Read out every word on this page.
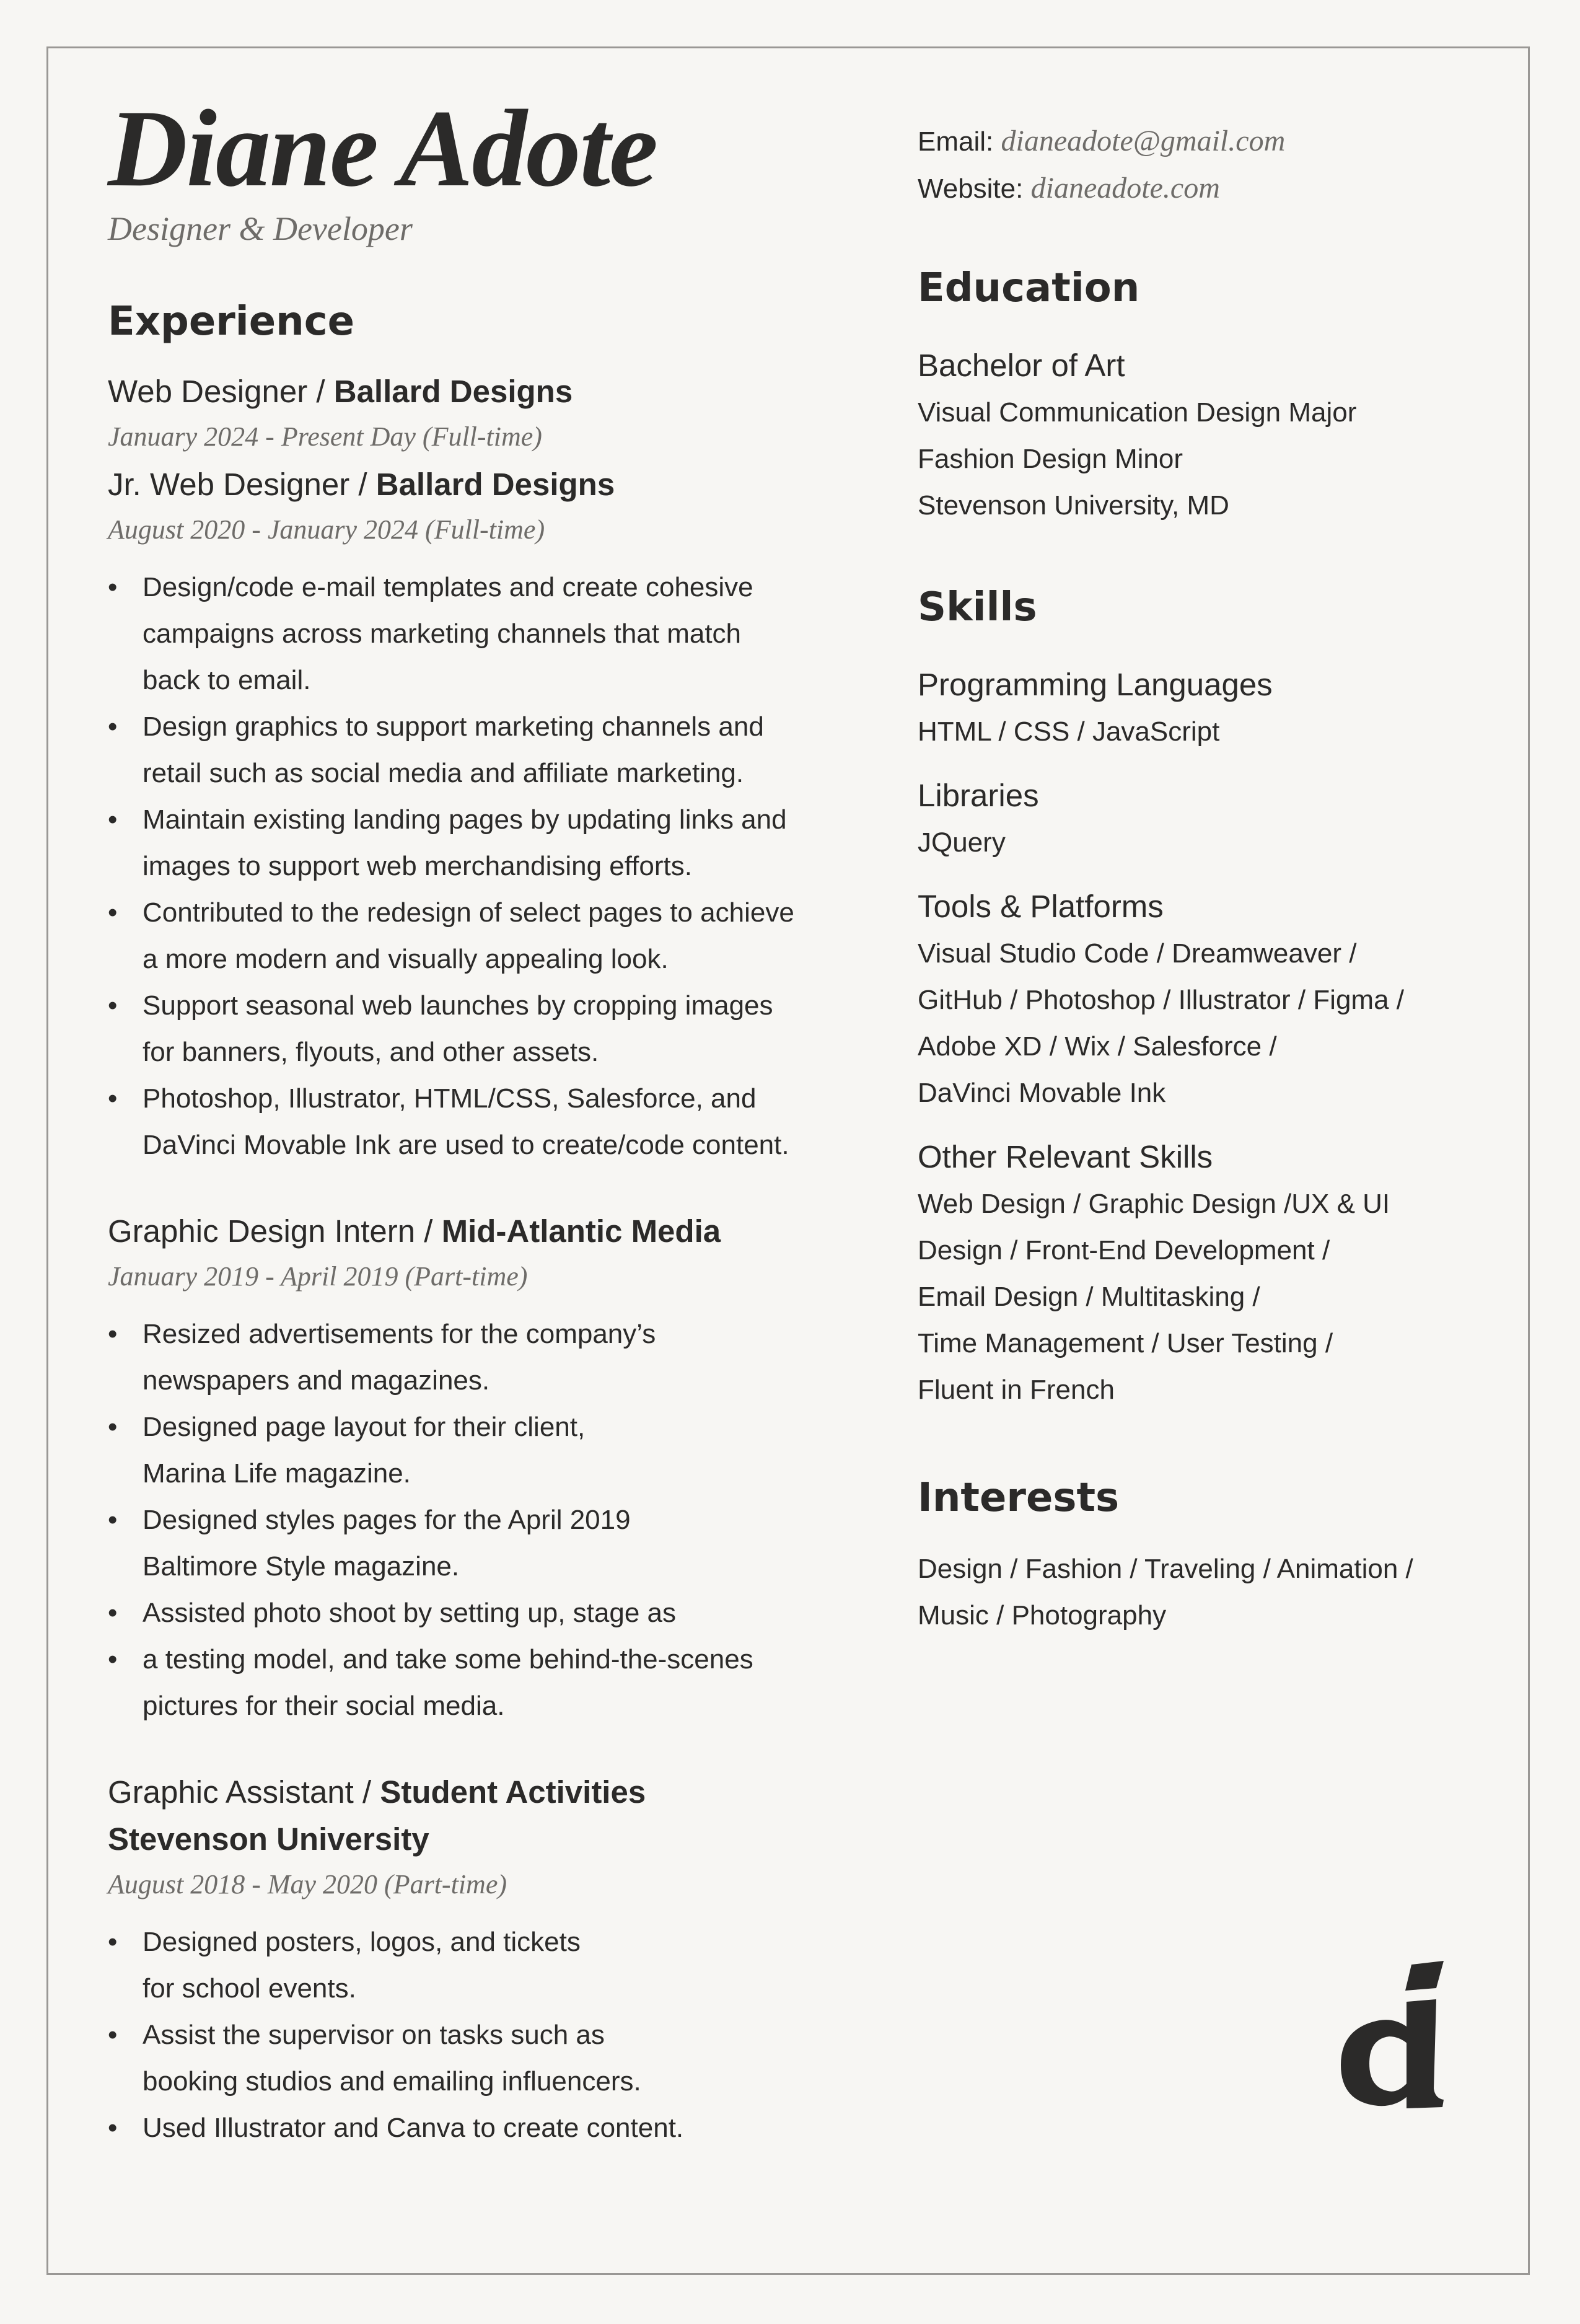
Diane Adote
Designer & Developer
Experience
Web Designer / Ballard Designs
January 2024 - Present Day (Full-time)
Jr. Web Designer / Ballard Designs
August 2020 - January 2024 (Full-time)
• Design/code e-mail templates and create cohesive
campaigns across marketing channels that match
back to email.
• Design graphics to support marketing channels and
retail such as social media and affiliate marketing.
• Maintain existing landing pages by updating links and
images to support web merchandising efforts.
• Contributed to the redesign of select pages to achieve
a more modern and visually appealing look.
• Support seasonal web launches by cropping images
for banners, flyouts, and other assets.
• Photoshop, Illustrator, HTML/CSS, Salesforce, and
DaVinci Movable Ink are used to create/code content.
Graphic Design Intern / Mid-Atlantic Media
January 2019 - April 2019 (Part-time)
• Resized advertisements for the company’s
newspapers and magazines.
• Designed page layout for their client,
Marina Life magazine.
• Designed styles pages for the April 2019
Baltimore Style magazine.
• Assisted photo shoot by setting up, stage as
• a testing model, and take some behind-the-scenes
pictures for their social media.
Graphic Assistant / Student Activities
Stevenson University
August 2018 - May 2020 (Part-time)
• Designed posters, logos, and tickets
for school events.
• Assist the supervisor on tasks such as
booking studios and emailing influencers.
• Used Illustrator and Canva to create content.
Email: dianeadote@gmail.com
Website: dianeadote.com
Education
Bachelor of Art
Visual Communication Design Major
Fashion Design Minor
Stevenson University, MD
Skills
Programming Languages
HTML / CSS / JavaScript
Libraries
JQuery
Tools & Platforms
Visual Studio Code / Dreamweaver /
GitHub / Photoshop / Illustrator / Figma /
Adobe XD / Wix / Salesforce /
DaVinci Movable Ink
Other Relevant Skills
Web Design / Graphic Design /UX & UI
Design / Front-End Development /
Email Design / Multitasking /
Time Management / User Testing /
Fluent in French
Interests
Design / Fashion / Traveling / Animation /
Music / Photography
